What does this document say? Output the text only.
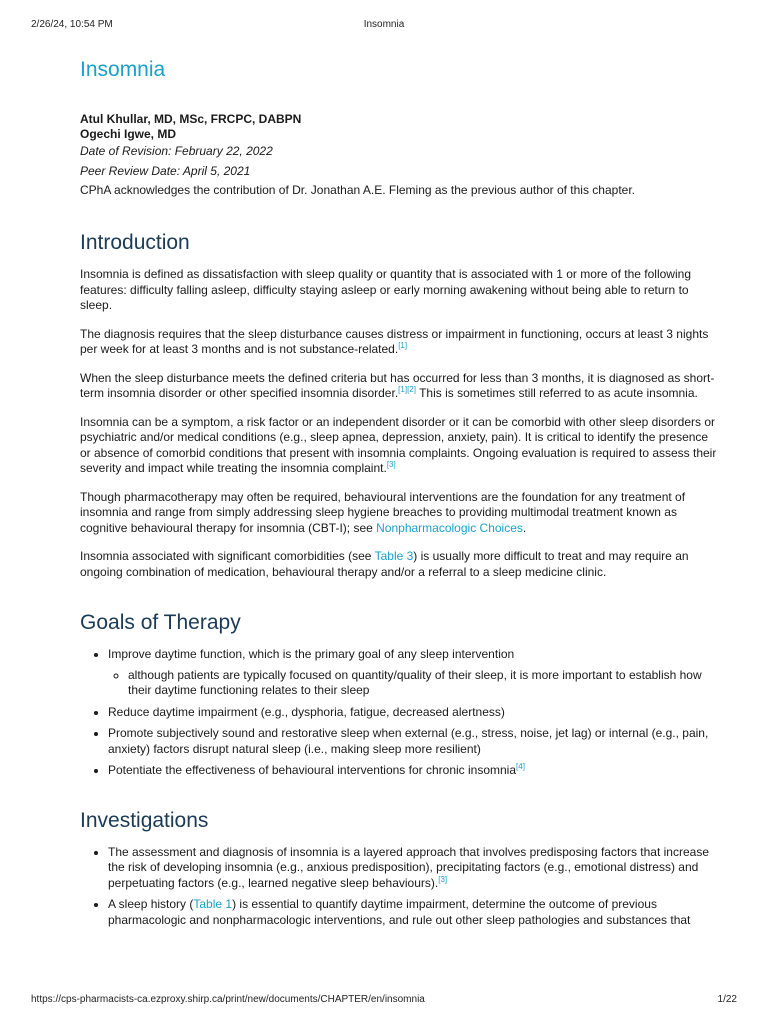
2/26/24, 10:54 PM	Insomnia
Insomnia
Atul Khullar, MD, MSc, FRCPC, DABPN
Ogechi Igwe, MD
Date of Revision: February 22, 2022
Peer Review Date: April 5, 2021
CPhA acknowledges the contribution of Dr. Jonathan A.E. Fleming as the previous author of this chapter.
Introduction

Insomnia is defined as dissatisfaction with sleep quality or quantity that is associated with 1 or more of the following features: difficulty falling asleep, difficulty staying asleep or early morning awakening without being able to return to sleep.

The diagnosis requires that the sleep disturbance causes distress or impairment in functioning, occurs at least 3 nights per week for at least 3 months and is not substance-related.[1]

When the sleep disturbance meets the defined criteria but has occurred for less than 3 months, it is diagnosed as short-term insomnia disorder or other specified insomnia disorder.[1][2] This is sometimes still referred to as acute insomnia.

Insomnia can be a symptom, a risk factor or an independent disorder or it can be comorbid with other sleep disorders or psychiatric and/or medical conditions (e.g., sleep apnea, depression, anxiety, pain). It is critical to identify the presence or absence of comorbid conditions that present with insomnia complaints. Ongoing evaluation is required to assess their severity and impact while treating the insomnia complaint.[3]

Though pharmacotherapy may often be required, behavioural interventions are the foundation for any treatment of insomnia and range from simply addressing sleep hygiene breaches to providing multimodal treatment known as cognitive behavioural therapy for insomnia (CBT-I); see Nonpharmacologic Choices.

Insomnia associated with significant comorbidities (see Table 3) is usually more difficult to treat and may require an ongoing combination of medication, behavioural therapy and/or a referral to a sleep medicine clinic.

Goals of Therapy
• Improve daytime function, which is the primary goal of any sleep intervention
◦ although patients are typically focused on quantity/quality of their sleep, it is more important to establish how their daytime functioning relates to their sleep
• Reduce daytime impairment (e.g., dysphoria, fatigue, decreased alertness)
• Promote subjectively sound and restorative sleep when external (e.g., stress, noise, jet lag) or internal (e.g., pain, anxiety) factors disrupt natural sleep (i.e., making sleep more resilient)
• Potentiate the effectiveness of behavioural interventions for chronic insomnia[4]
Investigations
• The assessment and diagnosis of insomnia is a layered approach that involves predisposing factors that increase the risk of developing insomnia (e.g., anxious predisposition), precipitating factors (e.g., emotional distress) and perpetuating factors (e.g., learned negative sleep behaviours).[3]
• A sleep history (Table 1) is essential to quantify daytime impairment, determine the outcome of previous pharmacologic and nonpharmacologic interventions, and rule out other sleep pathologies and substances that
https://cps-pharmacists-ca.ezproxy.shirp.ca/print/new/documents/CHAPTER/en/insomnia	1/22
